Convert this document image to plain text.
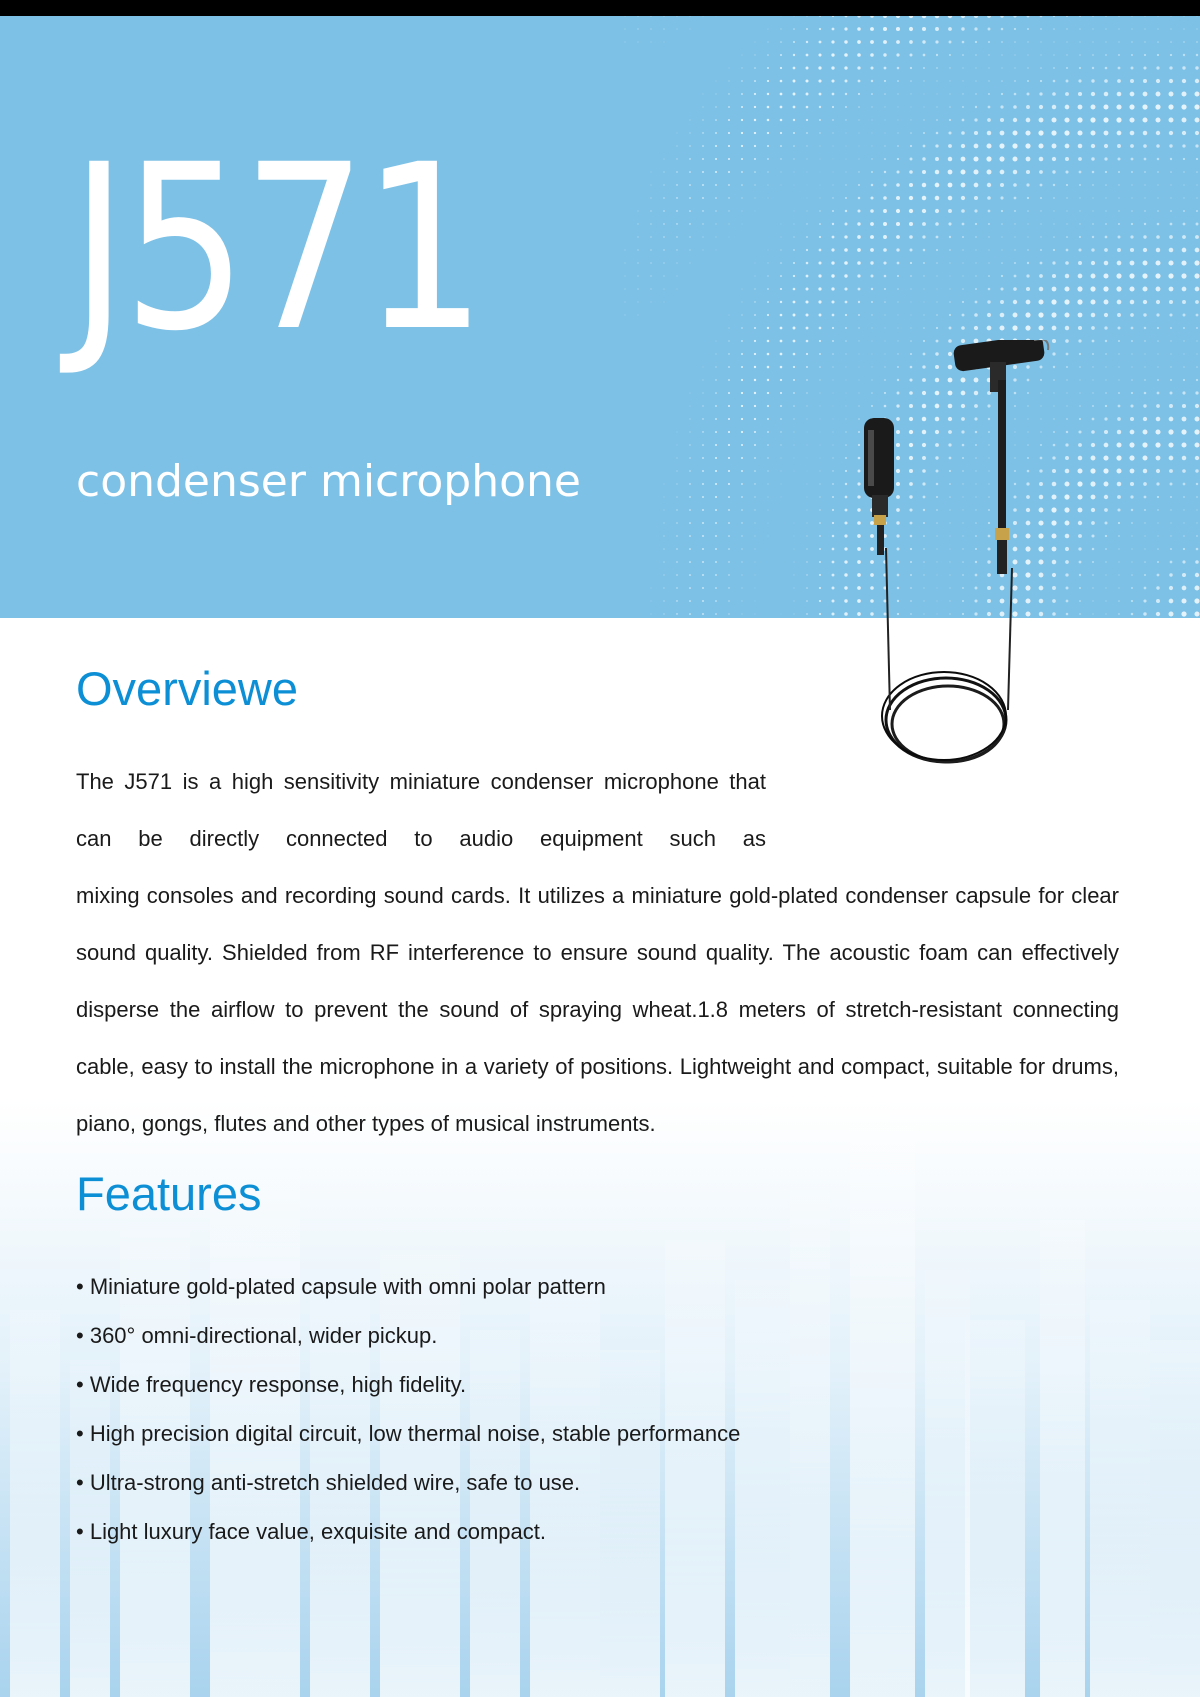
J571
condenser microphone
Overviewe

The J571 is a high sensitivity miniature condenser microphone that can be directly connected to audio equipment such as
mixing consoles and recording sound cards. It utilizes a miniature gold-plated condenser capsule for clear sound quality. Shielded from RF interference to ensure sound quality. The acoustic foam can effectively disperse the airflow to prevent the sound of spraying wheat.1.8 meters of stretch-resistant connecting cable, easy to install the microphone in a variety of positions. Lightweight and compact, suitable for drums, piano, gongs, flutes and other types of musical instruments.

Features
• Miniature gold-plated capsule with omni polar pattern
• 360° omni-directional, wider pickup.
• Wide frequency response, high fidelity.
• High precision digital circuit, low thermal noise, stable performance
• Ultra-strong anti-stretch shielded wire, safe to use.
• Light luxury face value, exquisite and compact.
